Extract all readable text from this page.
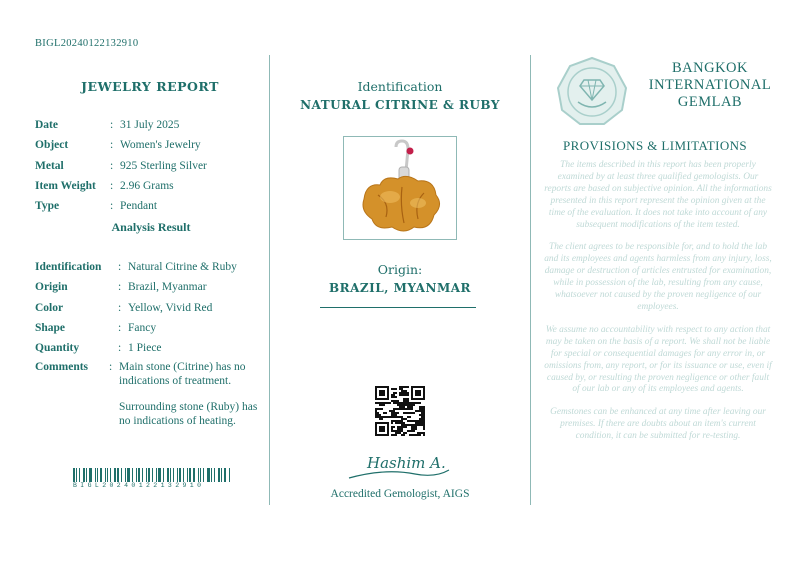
BIGL20240122132910
JEWELRY REPORT
Date	:	31 July 2025
Object	:	Women's Jewelry
Metal	:	925 Sterling Silver
Item Weight	:	2.96 Grams
Type	:	Pendant
Analysis Result
Identification	:	Natural Citrine & Ruby
Origin	:	Brazil, Myanmar
Color	:	Yellow, Vivid Red
Shape	:	Fancy
Quantity	:	1 Piece
Comments : Main stone (Citrine) has no indications of treatment.
Surrounding stone (Ruby) has no indications of heating.
BIGL20240122132910
Identification
NATURAL CITRINE & RUBY
Origin:
BRAZIL, MYANMAR
Hashim A.
Accredited Gemologist, AIGS
BANGKOK
INTERNATIONAL
GEMLAB
PROVISIONS & LIMITATIONS

The items described in this report has been properly examined by at least three qualified gemologists. Our reports are based on subjective opinion. All the informations presented in this report represent the opinion given at the time of the evaluation. It does not take into account of any subsequent modifications of the item tested.

The client agrees to be responsible for, and to hold the lab and its employees and agents harmless from any injury, loss, damage or destruction of articles entrusted for examination, while in possession of the lab, resulting from any cause, whatsoever not caused by the proven negligence of our employees.

We assume no accountability with respect to any action that may be taken on the basis of a report. We shall not be liable for special or consequential damages for any error in, or omissions from, any report, or for its issuance or use, even if caused by, or resulting the proven negligence or other fault of our lab or any of its employees and agents.

Gemstones can be enhanced at any time after leaving our premises. If there are doubts about an item's current condition, it can be submitted for re-testing.
